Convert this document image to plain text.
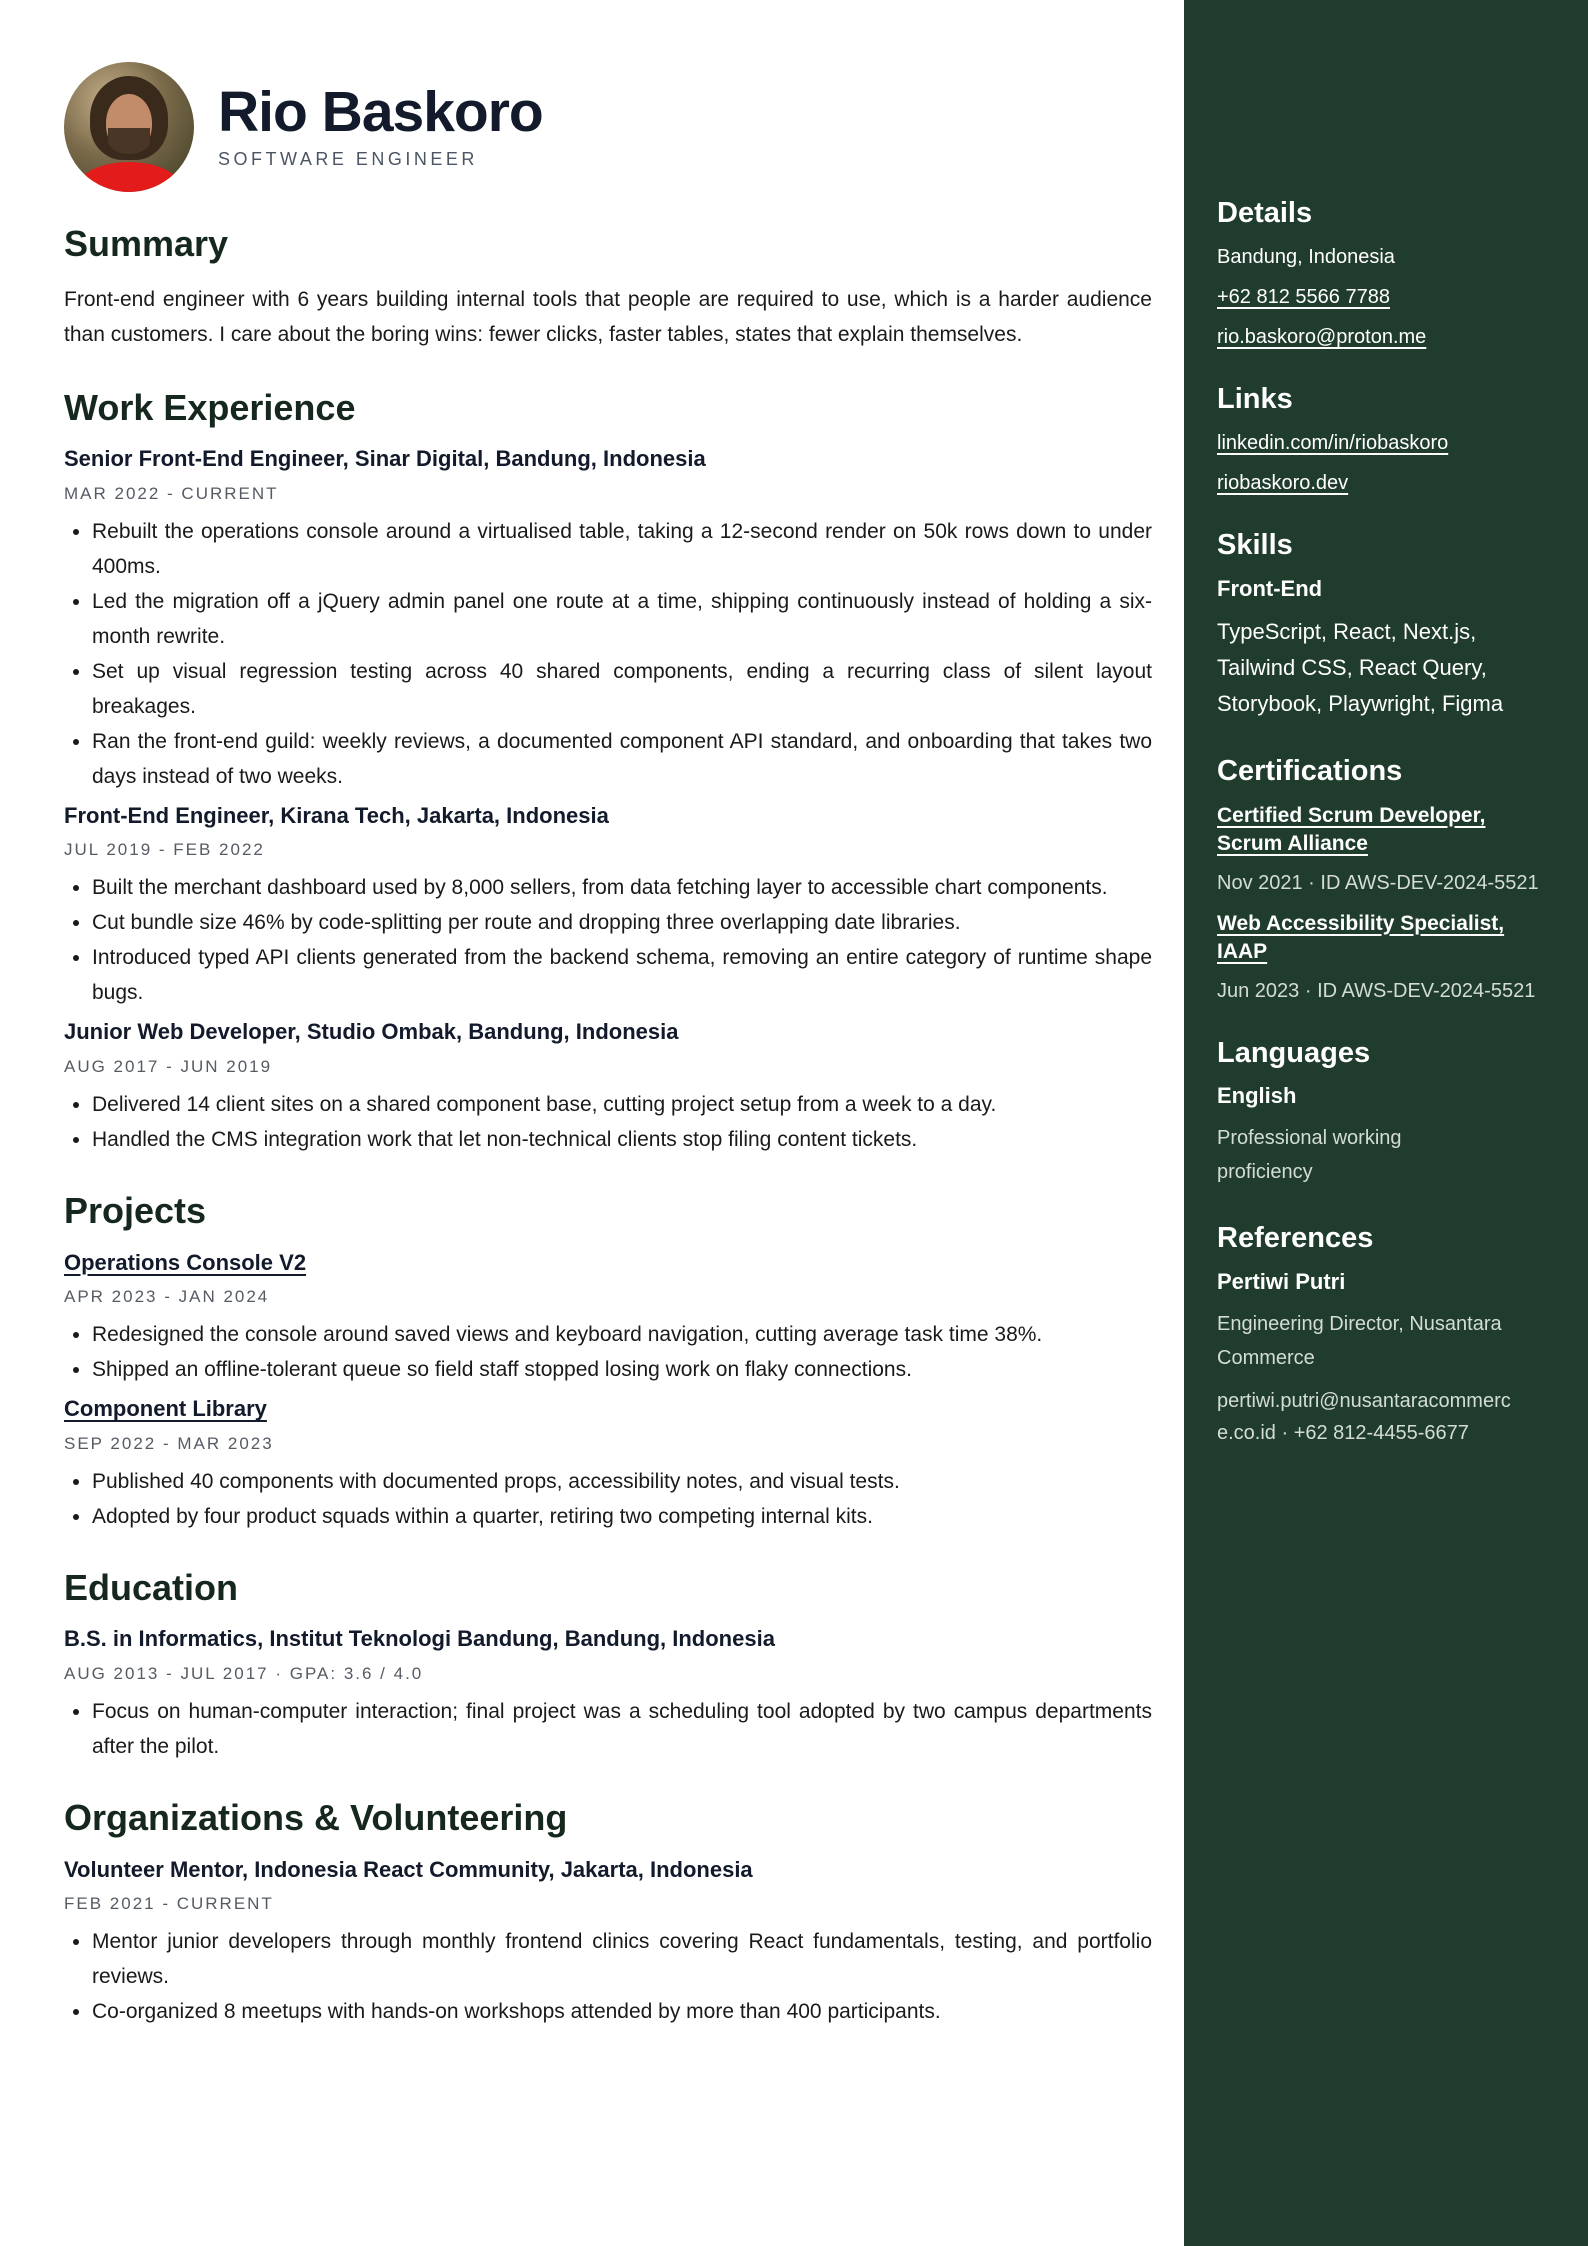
Rio Baskoro

SOFTWARE ENGINEER

Summary

Front-end engineer with 6 years building internal tools that people are required to use, which is a harder audience than customers. I care about the boring wins: fewer clicks, faster tables, states that explain themselves.

Work Experience
Senior Front-End Engineer, Sinar Digital, Bandung, Indonesia
MAR 2022 - CURRENT
• Rebuilt the operations console around a virtualised table, taking a 12-second render on 50k rows down to under 400ms.
• Led the migration off a jQuery admin panel one route at a time, shipping continuously instead of holding a six-month rewrite.
• Set up visual regression testing across 40 shared components, ending a recurring class of silent layout breakages.
• Ran the front-end guild: weekly reviews, a documented component API standard, and onboarding that takes two days instead of two weeks.
Front-End Engineer, Kirana Tech, Jakarta, Indonesia
JUL 2019 - FEB 2022
• Built the merchant dashboard used by 8,000 sellers, from data fetching layer to accessible chart components.
• Cut bundle size 46% by code-splitting per route and dropping three overlapping date libraries.
• Introduced typed API clients generated from the backend schema, removing an entire category of runtime shape bugs.
Junior Web Developer, Studio Ombak, Bandung, Indonesia
AUG 2017 - JUN 2019
• Delivered 14 client sites on a shared component base, cutting project setup from a week to a day.
• Handled the CMS integration work that let non-technical clients stop filing content tickets.
Projects
Operations Console V2
APR 2023 - JAN 2024
• Redesigned the console around saved views and keyboard navigation, cutting average task time 38%.
• Shipped an offline-tolerant queue so field staff stopped losing work on flaky connections.
Component Library
SEP 2022 - MAR 2023
• Published 40 components with documented props, accessibility notes, and visual tests.
• Adopted by four product squads within a quarter, retiring two competing internal kits.
Education
B.S. in Informatics, Institut Teknologi Bandung, Bandung, Indonesia
AUG 2013 - JUL 2017 · GPA: 3.6 / 4.0
• Focus on human-computer interaction; final project was a scheduling tool adopted by two campus departments after the pilot.
Organizations & Volunteering
Volunteer Mentor, Indonesia React Community, Jakarta, Indonesia
FEB 2021 - CURRENT
• Mentor junior developers through monthly frontend clinics covering React fundamentals, testing, and portfolio reviews.
• Co-organized 8 meetups with hands-on workshops attended by more than 400 participants.
Details
Bandung, Indonesia
+62 812 5566 7788
rio.baskoro@proton.me
Links
linkedin.com/in/riobaskoro
riobaskoro.dev
Skills
Front-End

TypeScript, React, Next.js, Tailwind CSS, React Query, Storybook, Playwright, Figma

Certifications
Certified Scrum Developer, Scrum Alliance
Nov 2021 · ID AWS-DEV-2024-5521
Web Accessibility Specialist, IAAP
Jun 2023 · ID AWS-DEV-2024-5521
Languages
English
Professional working proficiency
References
Pertiwi Putri
Engineering Director, Nusantara Commerce
pertiwi.putri@nusantaracommerce.co.id · +62 812-4455-6677
